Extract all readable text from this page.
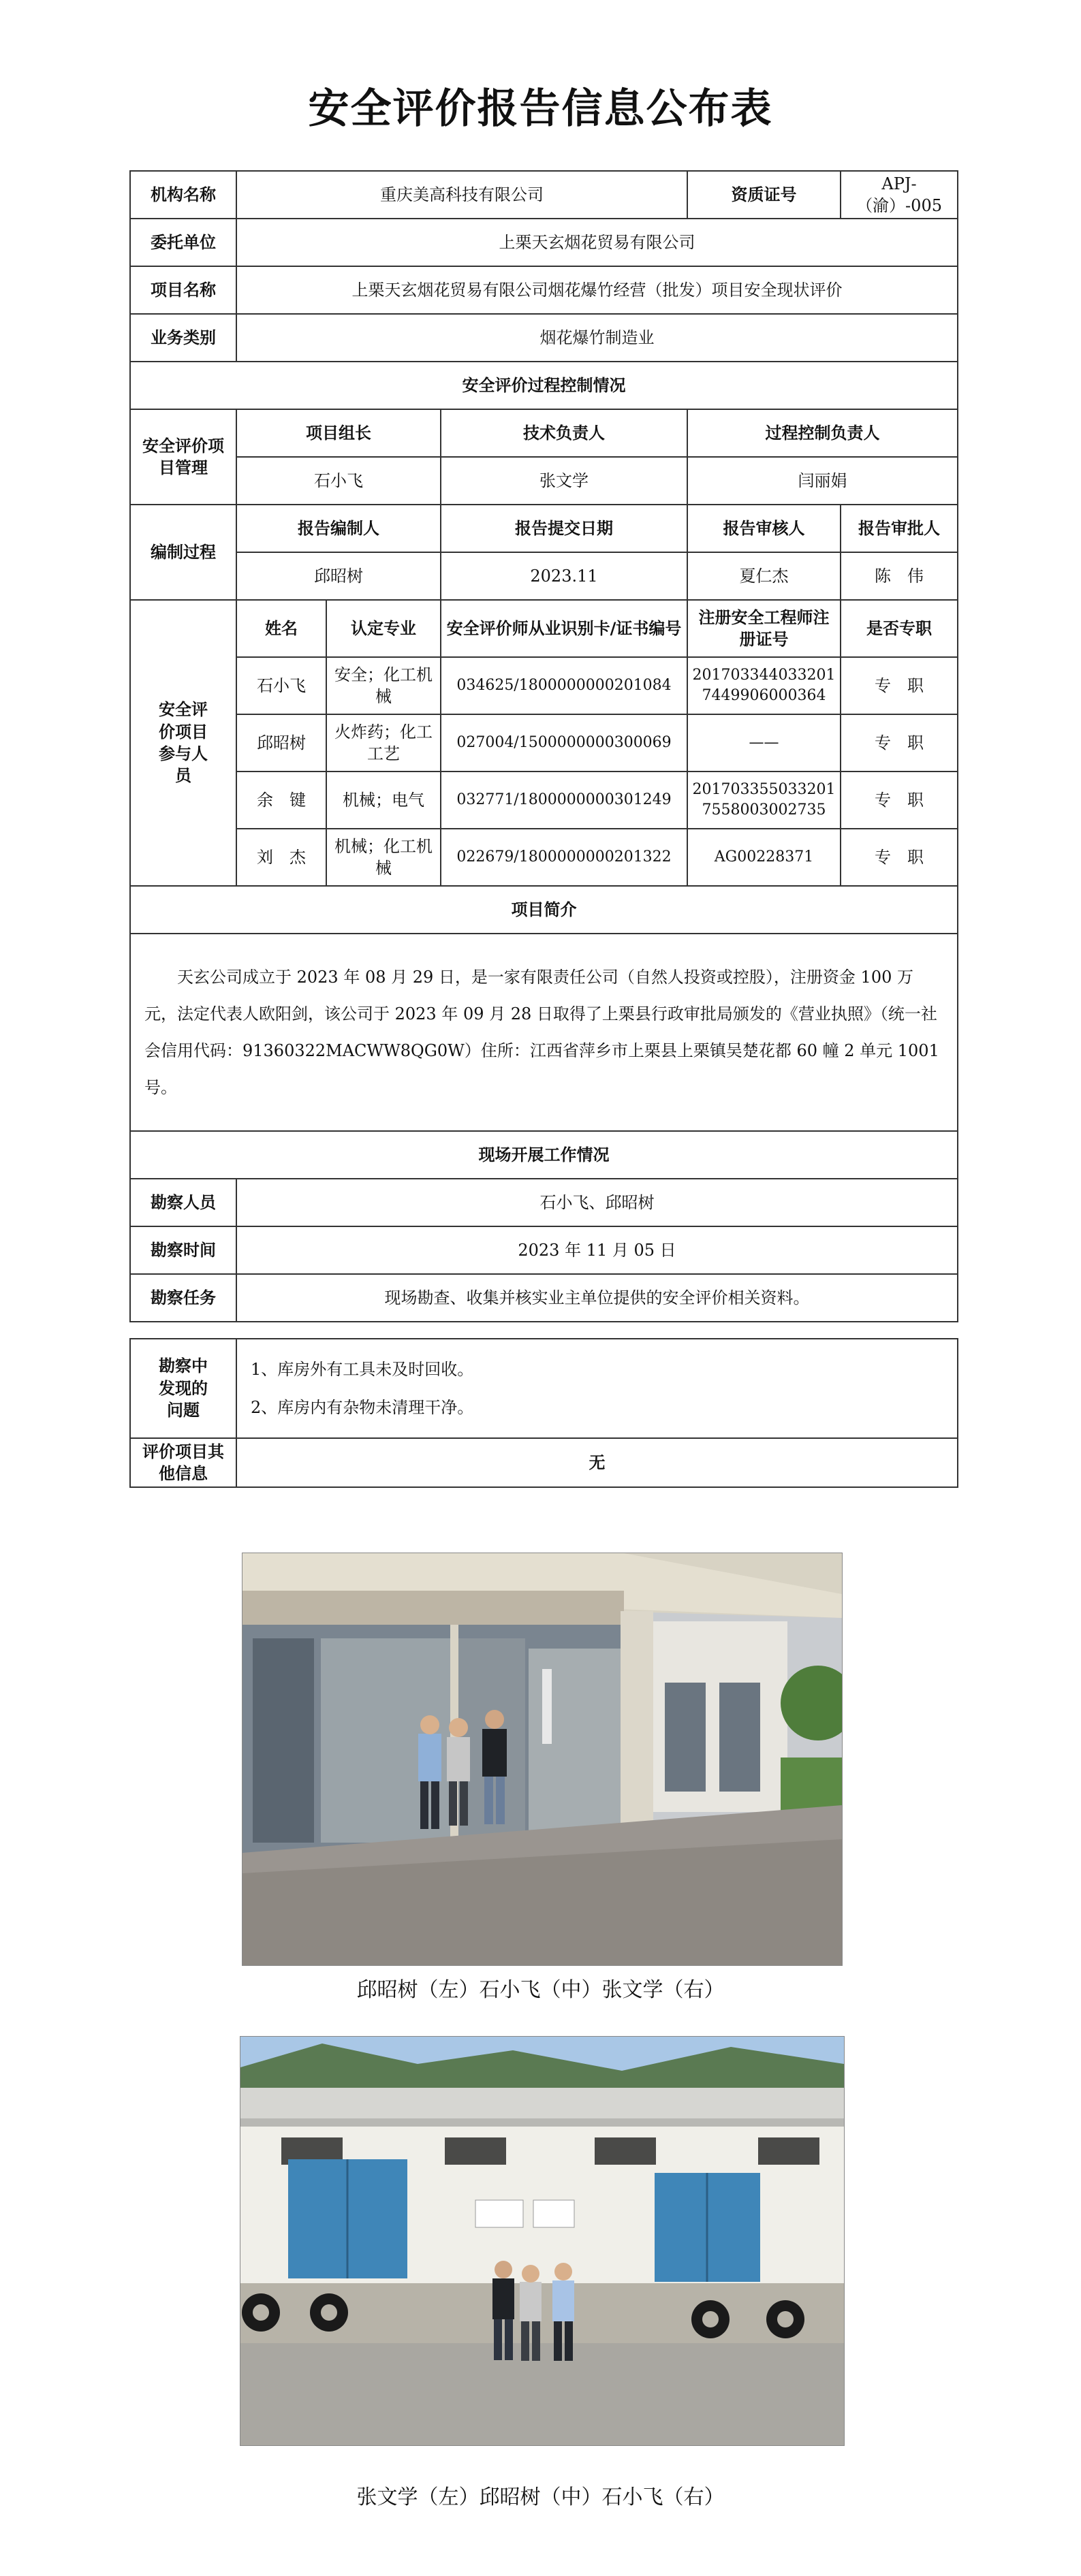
安全评价报告信息公布表
机构名称	重庆美高科技有限公司			资质证号	APJ-（渝）-005
委托单位	上栗天玄烟花贸易有限公司				
项目名称	上栗天玄烟花贸易有限公司烟花爆竹经营（批发）项目安全现状评价				
业务类别	烟花爆竹制造业				
安全评价过程控制情况					
安全评价项目管理	项目组长		技术负责人	过程控制负责人	
	石小飞		张文学	闫丽娟	
编制过程	报告编制人		报告提交日期	报告审核人	报告审批人
	邱昭树		2023.11	夏仁杰	陈　伟
安全评价项目参与人员	姓名	认定专业	安全评价师从业识别卡/证书编号	注册安全工程师注册证号	是否专职
	石小飞	安全；化工机械	034625/1800000000201084	2017033440332017449906000364	专　职
	邱昭树	火炸药；化工工艺	027004/1500000000300069	——	专　职
	余　键	机械；电气	032771/1800000000301249	2017033550332017558003002735	专　职
	刘　杰	机械；化工机械	022679/1800000000201322	AG00228371	专　职
项目简介					
天玄公司成立于 2023 年 08 月 29 日，是一家有限责任公司（自然人投资或控股），注册资金 100 万元，法定代表人欧阳剑，该公司于 2023 年 09 月 28 日取得了上栗县行政审批局颁发的《营业执照》（统一社会信用代码：91360322MACWW8QG0W）住所：江西省萍乡市上栗县上栗镇吴楚花都 60 幢 2 单元 1001 号。					
现场开展工作情况					
勘察人员	石小飞、邱昭树				
勘察时间	2023 年 11 月 05 日				
勘察任务	现场勘查、收集并核实业主单位提供的安全评价相关资料。				
勘察中发现的问题	1、库房外有工具未及时回收。
2、库房内有杂物未清理干净。

评价项目其他信息	无
邱昭树（左）石小飞（中）张文学（右）
张文学（左）邱昭树（中）石小飞（右）
